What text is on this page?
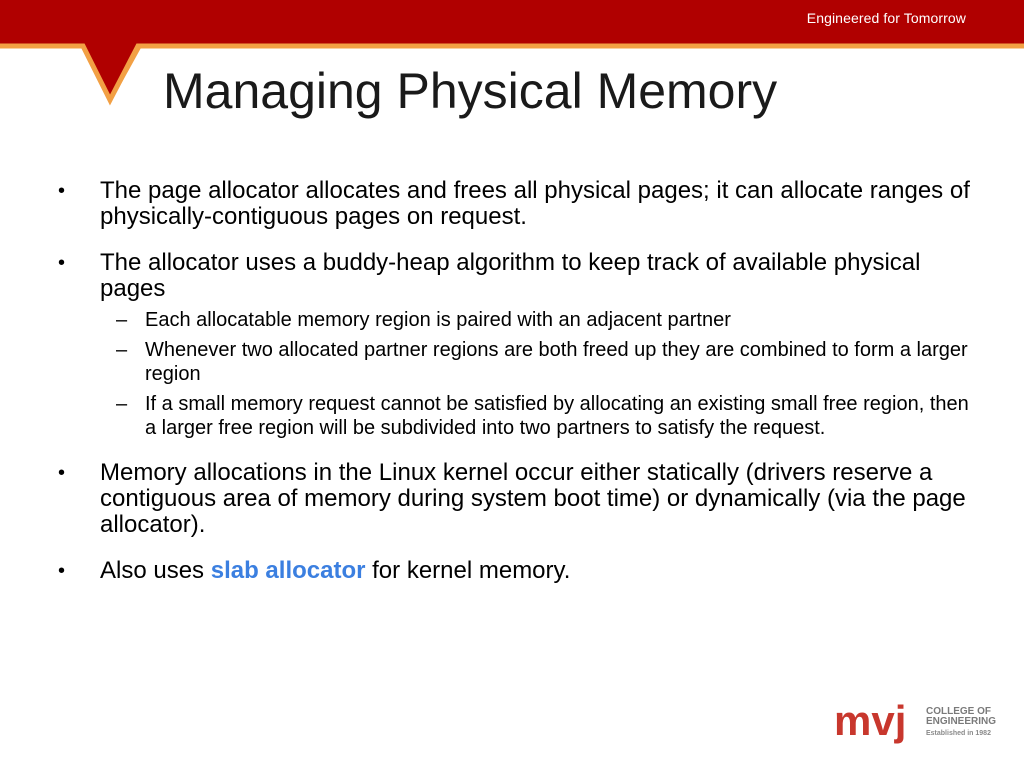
Engineered for Tomorrow
Managing Physical Memory
• The page allocator allocates and frees all physical pages; it can allocate ranges of physically-contiguous pages on request.
• The allocator uses a buddy-heap algorithm to keep track of available physical pages
– Each allocatable memory region is paired with an adjacent partner
– Whenever two allocated partner regions are both freed up they are combined to form a larger region
– If a small memory request cannot be satisfied by allocating an existing small free region, then a larger free region will be subdivided into two partners to satisfy the request.
• Memory allocations in the Linux kernel occur either statically (drivers reserve a contiguous area of memory during system boot time) or dynamically (via the page allocator).
• Also uses slab allocator for kernel memory.
mvj COLLEGE OF
ENGINEERING
Established in 1982
